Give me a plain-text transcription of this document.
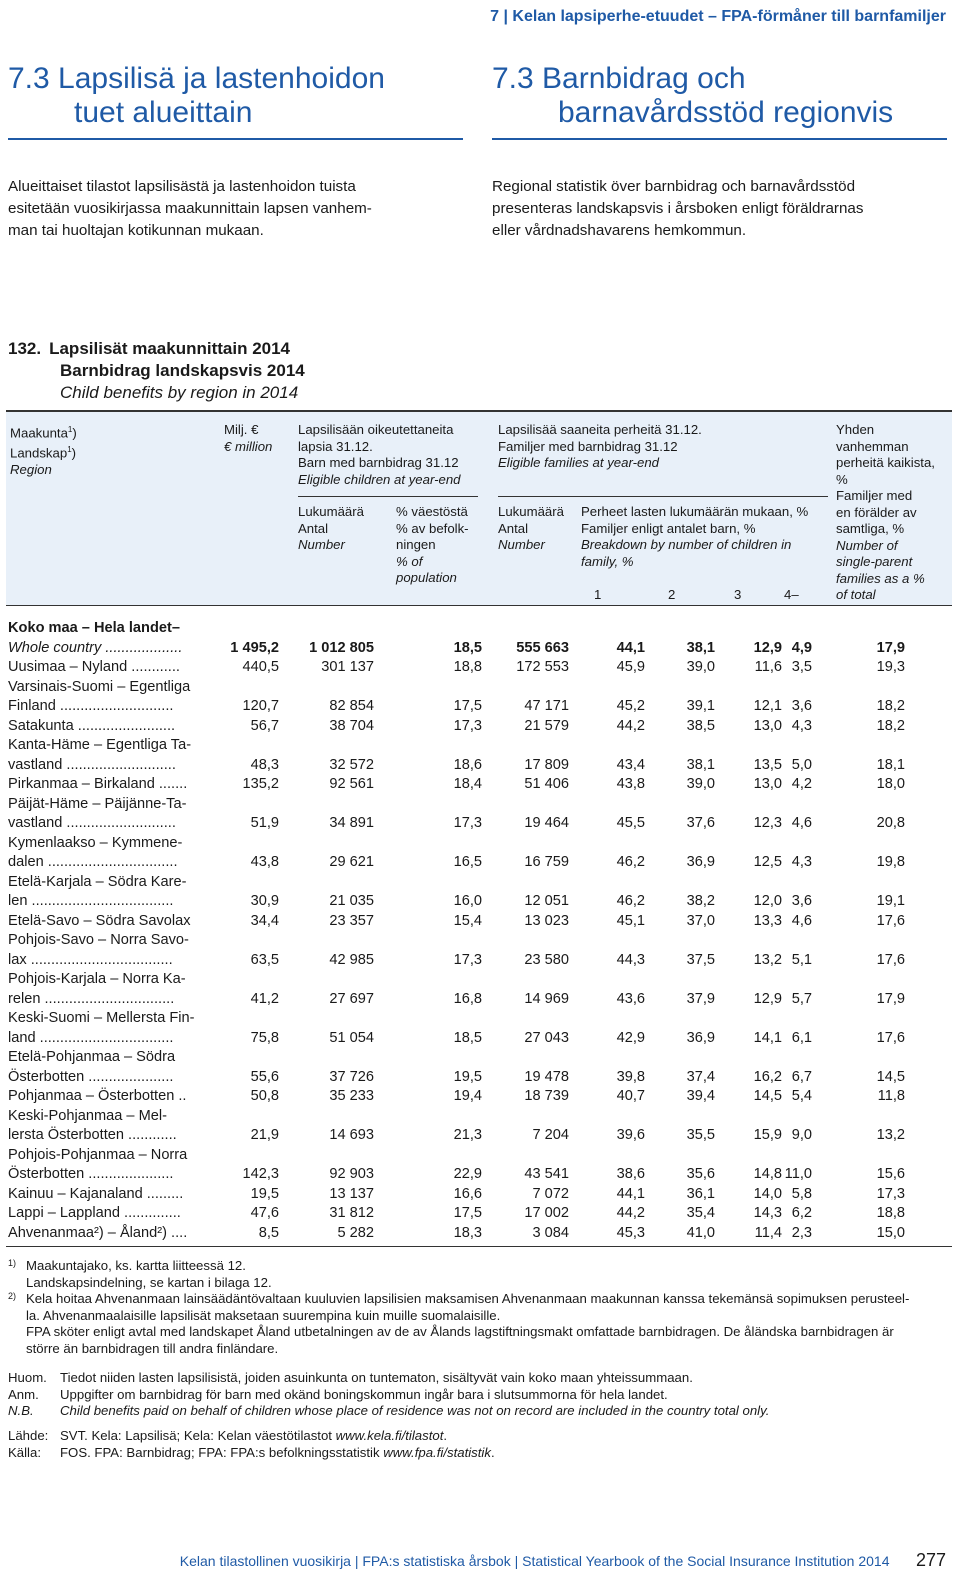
7 | Kelan lapsiperhe-etuudet – FPA-förmåner till barnfamiljer
7.3 Lapsilisä ja lastenhoidon
tuet alueittain
7.3 Barnbidrag och
barnavårdsstöd regionvis
Alueittaiset tilastot lapsilisästä ja lastenhoidon tuista
esitetään vuosikirjassa maakunnittain lapsen vanhem-
man tai huoltajan kotikunnan mukaan.
Regional statistik över barnbidrag och barnavårdsstöd
presenteras landskapsvis i årsboken enligt föräldrarnas
eller vårdnadshavarens hemkommun.
132. Lapsilisät maakunnittain 2014
Barnbidrag landskapsvis 2014
Child benefits by region in 2014
Maakunta$^1$)
Landskap$^1$)
Region
Milj. €
€ million
Lapsilisään oikeutettaneita
lapsia 31.12.
Barn med barnbidrag 31.12
Eligible children at year-end
Lukumäärä
Antal
Number
% väestöstä
% av befolk-
ningen
% of
population
Lapsilisää saaneita perheitä 31.12.
Familjer med barnbidrag 31.12
Eligible families at year-end
Lukumäärä
Antal
Number
Perheet lasten lukumäärän mukaan, %
Familjer enligt antalet barn, %
Breakdown by number of children in
family, %
1	2	3	4–
Yhden
vanhemman
perheitä kaikista,
%
Familjer med
en förälder av
samtliga, %
Number of
single-parent
families as a %
of total
Koko maa – Hela landet–
Whole country ...................	1 495,2 1 012 805	18,5 555 663	44,1	38,1	12,9 4,9	17,9
Uusimaa – Nyland ............	440,5	301 137	18,8 172 553	45,9	39,0	11,6 3,5	19,3
Varsinais-Suomi – Egentliga
Finland ............................	120,7	82 854	17,5	47 171	45,2	39,1	12,1 3,6	18,2
Satakunta ........................	56,7	38 704	17,3	21 579	44,2	38,5	13,0 4,3	18,2
Kanta-Häme – Egentliga Ta-
vastland ...........................	48,3	32 572	18,6	17 809	43,4	38,1	13,5 5,0	18,1
Pirkanmaa – Birkaland .......	135,2	92 561	18,4	51 406	43,8	39,0	13,0 4,2	18,0
Päijät-Häme – Päijänne-Ta-
vastland ...........................	51,9	34 891	17,3	19 464	45,5	37,6	12,3 4,6	20,8
Kymenlaakso – Kymmene-
dalen ................................	43,8	29 621	16,5	16 759	46,2	36,9	12,5 4,3	19,8
Etelä-Karjala – Södra Kare-
len ...................................	30,9	21 035	16,0	12 051	46,2	38,2	12,0 3,6	19,1
Etelä-Savo – Södra Savolax	34,4	23 357	15,4	13 023	45,1	37,0	13,3 4,6	17,6
Pohjois-Savo – Norra Savo-
lax ...................................	63,5	42 985	17,3	23 580	44,3	37,5	13,2 5,1	17,6
Pohjois-Karjala – Norra Ka-
relen ................................	41,2	27 697	16,8	14 969	43,6	37,9	12,9 5,7	17,9
Keski-Suomi – Mellersta Fin-
land .................................	75,8	51 054	18,5	27 043	42,9	36,9	14,1 6,1	17,6
Etelä-Pohjanmaa – Södra
Österbotten .....................	55,6	37 726	19,5	19 478	39,8	37,4	16,2 6,7	14,5
Pohjanmaa – Österbotten ..	50,8	35 233	19,4	18 739	40,7	39,4	14,5 5,4	11,8
Keski-Pohjanmaa – Mel-
lersta Österbotten ............	21,9	14 693	21,3	7 204	39,6	35,5	15,9 9,0	13,2
Pohjois-Pohjanmaa – Norra
Österbotten .....................	142,3	92 903	22,9	43 541	38,6	35,6	14,8 11,0	15,6
Kainuu – Kajanaland .........	19,5	13 137	16,6	7 072	44,1	36,1	14,0 5,8	17,3
Lappi – Lappland ..............	47,6	31 812	17,5	17 002	44,2	35,4	14,3 6,2	18,8
Ahvenanmaa²) – Åland²) ....	8,5	5 282	18,3	3 084	45,3	41,0	11,4 2,3	15,0
1) Maakuntajako, ks. kartta liitteessä 12.
Landskapsindelning, se kartan i bilaga 12.
2) Kela hoitaa Ahvenanmaan lainsäädäntövaltaan kuuluvien lapsilisien maksamisen Ahvenanmaan maakunnan kanssa tekemänsä sopimuksen perusteel-
la. Ahvenanmaalaisille lapsilisät maksetaan suurempina kuin muille suomalaisille.
FPA sköter enligt avtal med landskapet Åland utbetalningen av de av Ålands lagstiftningsmakt omfattade barnbidragen. De åländska barnbidragen är
större än barnbidragen till andra finländare.
Huom. Tiedot niiden lasten lapsilisistä, joiden asuinkunta on tuntematon, sisältyvät vain koko maan yhteissummaan.
Anm. Uppgifter om barnbidrag för barn med okänd boningskommun ingår bara i slutsummorna för hela landet.
N.B. Child benefits paid on behalf of children whose place of residence was not on record are included in the country total only.
Lähde: SVT. Kela: Lapsilisä; Kela: Kelan väestötilastot www.kela.fi/tilastot.
Källa: FOS. FPA: Barnbidrag; FPA: FPA:s befolkningsstatistik www.fpa.fi/statistik.
Kelan tilastollinen vuosikirja | FPA:s statistiska årsbok | Statistical Yearbook of the Social Insurance Institution 2014 277
